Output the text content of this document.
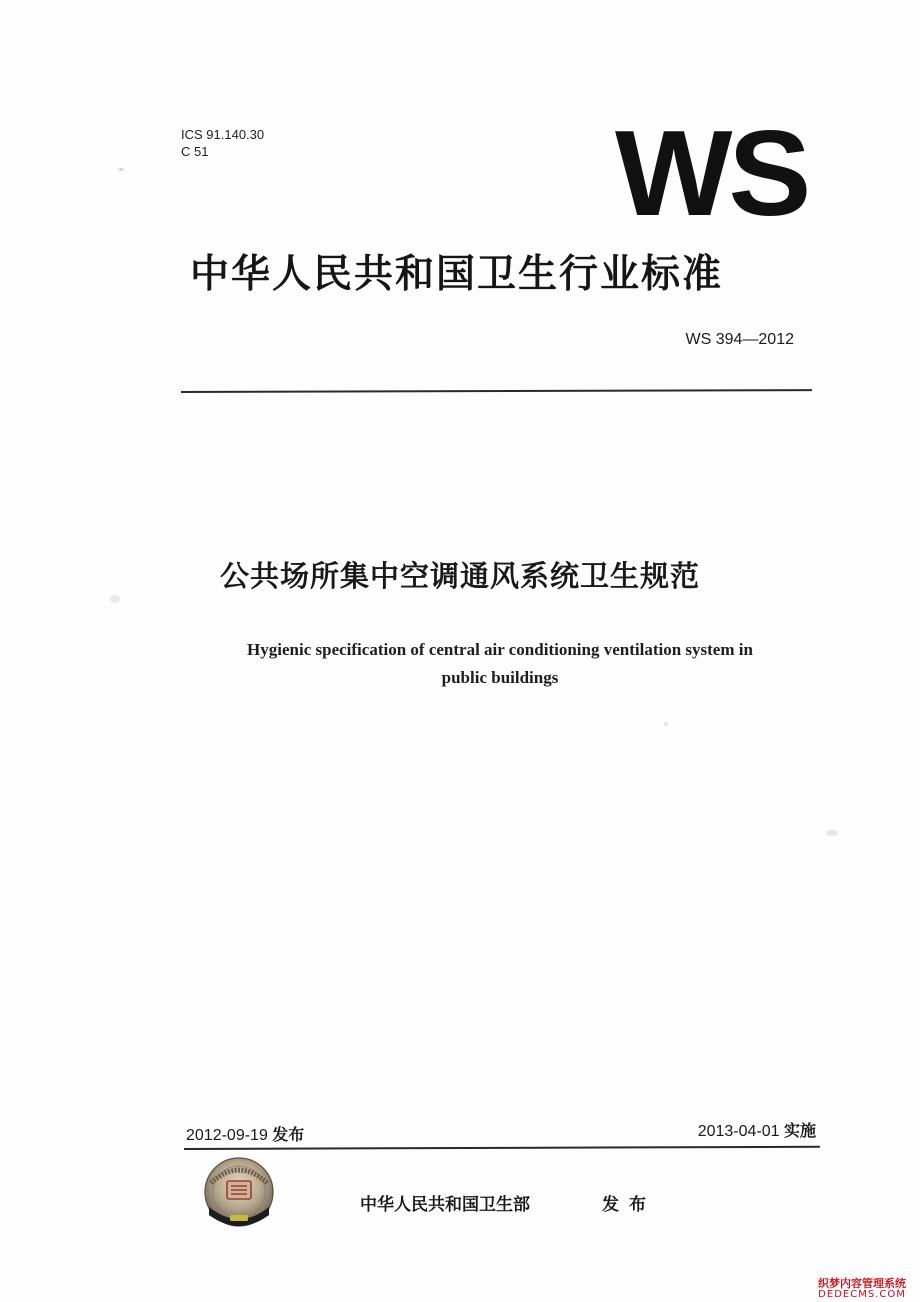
ICS 91.140.30
C 51	WS
中华人民共和国卫生行业标准
WS 394—2012
公共场所集中空调通风系统卫生规范
Hygienic specification of central air conditioning ventilation system in
public buildings
2012-09-19 发布	2013-04-01 实施
中华人民共和国卫生部	发布
织梦内容管理系统
DEDECMS.COM
